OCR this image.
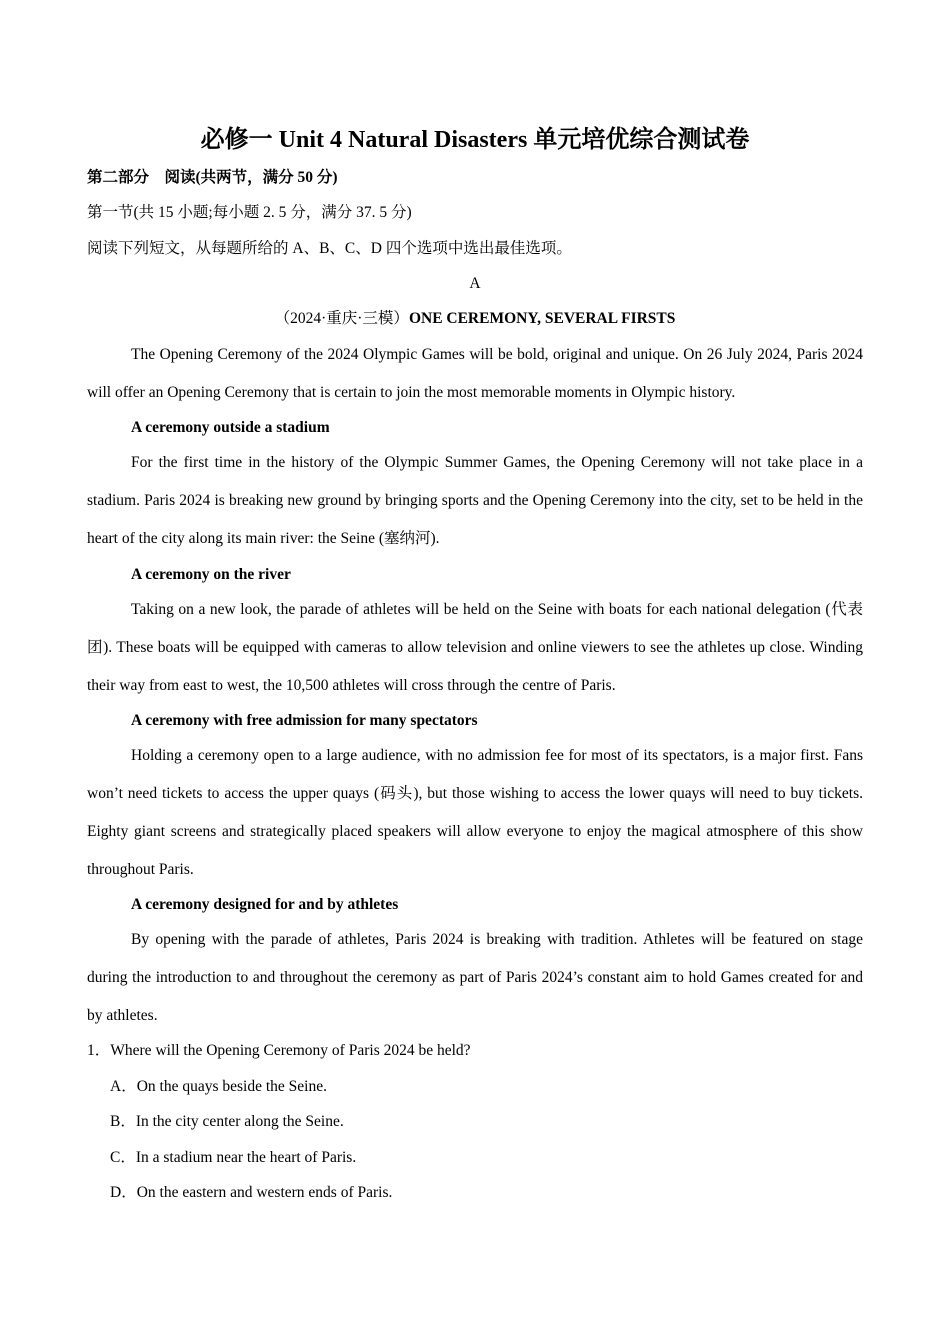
必修一 Unit 4 Natural Disasters 单元培优综合测试卷
第二部分　阅读(共两节，满分 50 分)
第一节(共 15 小题;每小题 2. 5 分，满分 37. 5 分)
阅读下列短文，从每题所给的 A、B、C、D 四个选项中选出最佳选项。
A
（2024·重庆·三模）ONE CEREMONY, SEVERAL FIRSTS
The Opening Ceremony of the 2024 Olympic Games will be bold, original and unique. On 26 July 2024, Paris 2024 will offer an Opening Ceremony that is certain to join the most memorable moments in Olympic history.
A ceremony outside a stadium
For the first time in the history of the Olympic Summer Games, the Opening Ceremony will not take place in a stadium. Paris 2024 is breaking new ground by bringing sports and the Opening Ceremony into the city, set to be held in the heart of the city along its main river: the Seine (塞纳河).
A ceremony on the river
Taking on a new look, the parade of athletes will be held on the Seine with boats for each national delegation (代表团). These boats will be equipped with cameras to allow television and online viewers to see the athletes up close. Winding their way from east to west, the 10,500 athletes will cross through the centre of Paris.
A ceremony with free admission for many spectators
Holding a ceremony open to a large audience, with no admission fee for most of its spectators, is a major first. Fans won’t need tickets to access the upper quays (码头), but those wishing to access the lower quays will need to buy tickets. Eighty giant screens and strategically placed speakers will allow everyone to enjoy the magical atmosphere of this show throughout Paris.
A ceremony designed for and by athletes
By opening with the parade of athletes, Paris 2024 is breaking with tradition. Athletes will be featured on stage during the introduction to and throughout the ceremony as part of Paris 2024’s constant aim to hold Games created for and by athletes.
1．Where will the Opening Ceremony of Paris 2024 be held?
A．On the quays beside the Seine.
B．In the city center along the Seine.
C．In a stadium near the heart of Paris.
D．On the eastern and western ends of Paris.
